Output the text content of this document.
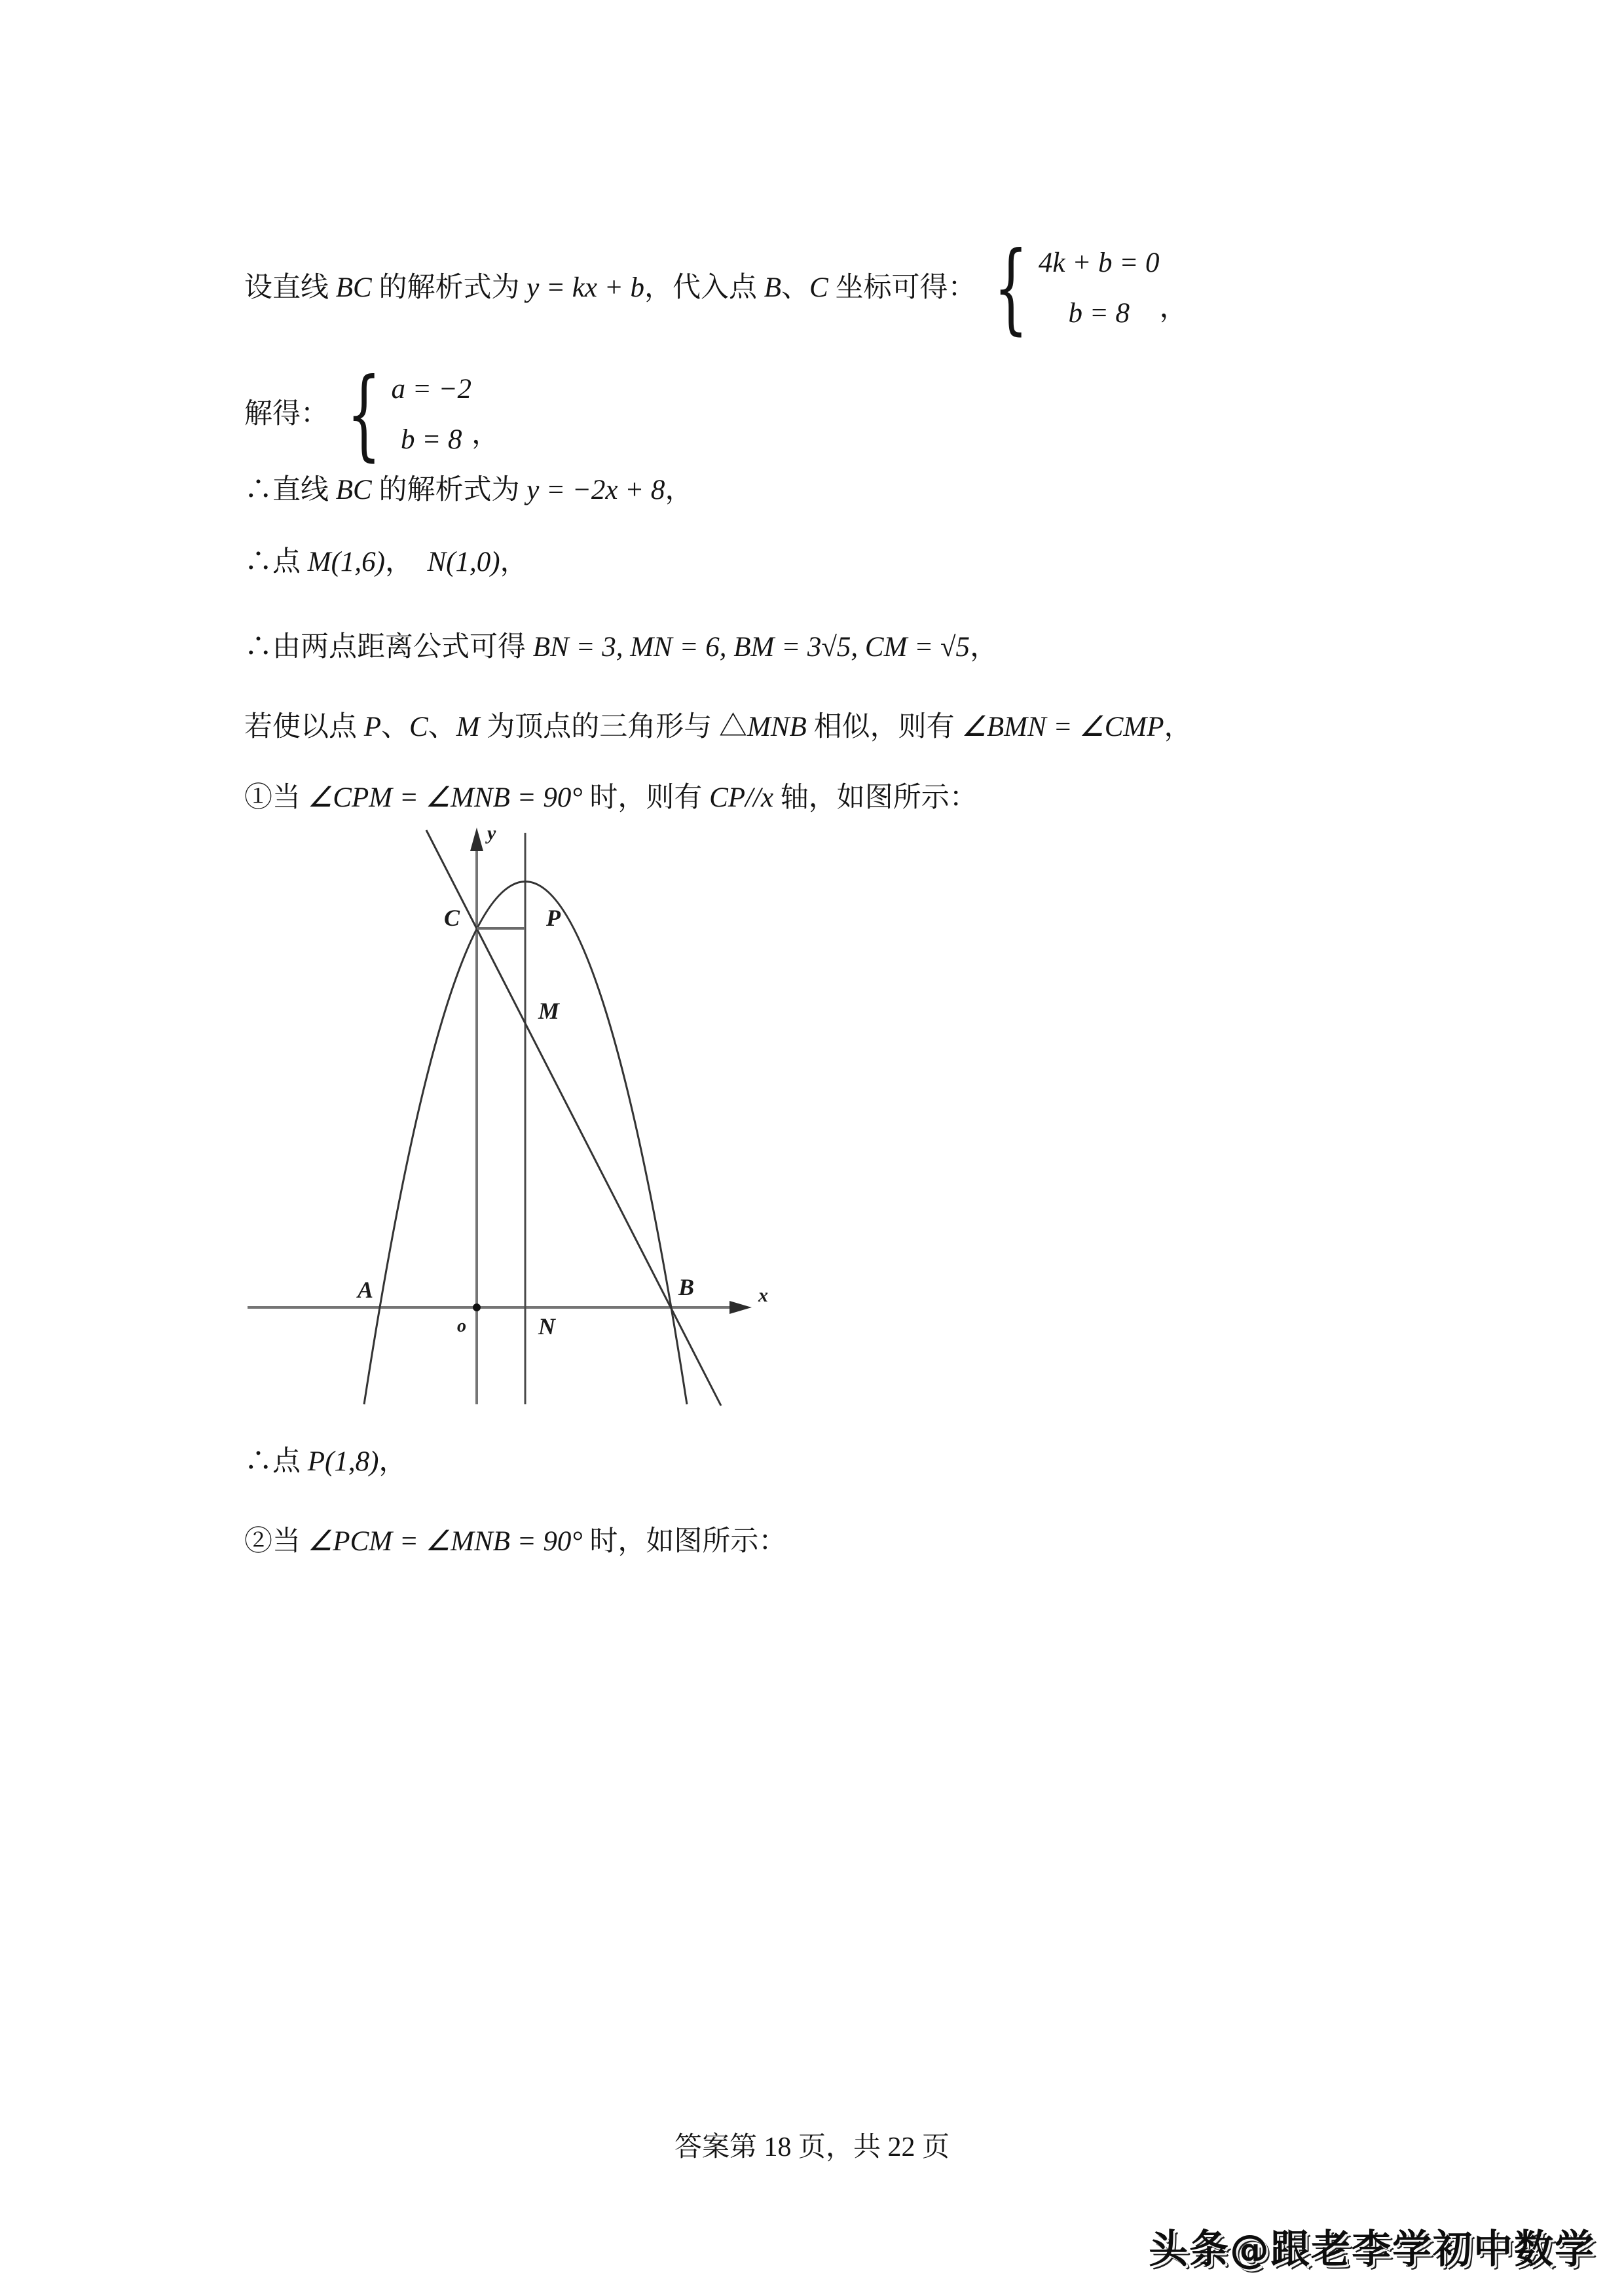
设直线 BC 的解析式为 y = kx + b ，代入点 B 、 C 坐标可得： { 4k + b = 0
b = 8 ，
解得： { a = −2
b = 8 ，
∴直线 BC 的解析式为 y = −2x + 8 ，
∴点 M(1,6) ， N(1,0) ，
∴由两点距离公式可得 BN = 3, MN = 6, BM = 3√5, CM = √5 ，
若使以点 P 、 C 、 M 为顶点的三角形与 △ MNB 相似，则有 ∠BMN = ∠CMP ，
①当 ∠CPM = ∠MNB = 90° 时，则有 CP//x 轴，如图所示：
y
x
C	P
M
A	B
o	N
∴点 P(1,8) ，
②当 ∠PCM = ∠MNB = 90° 时，如图所示：
答案第 18 页，共 22 页
头条@跟老李学初中数学
